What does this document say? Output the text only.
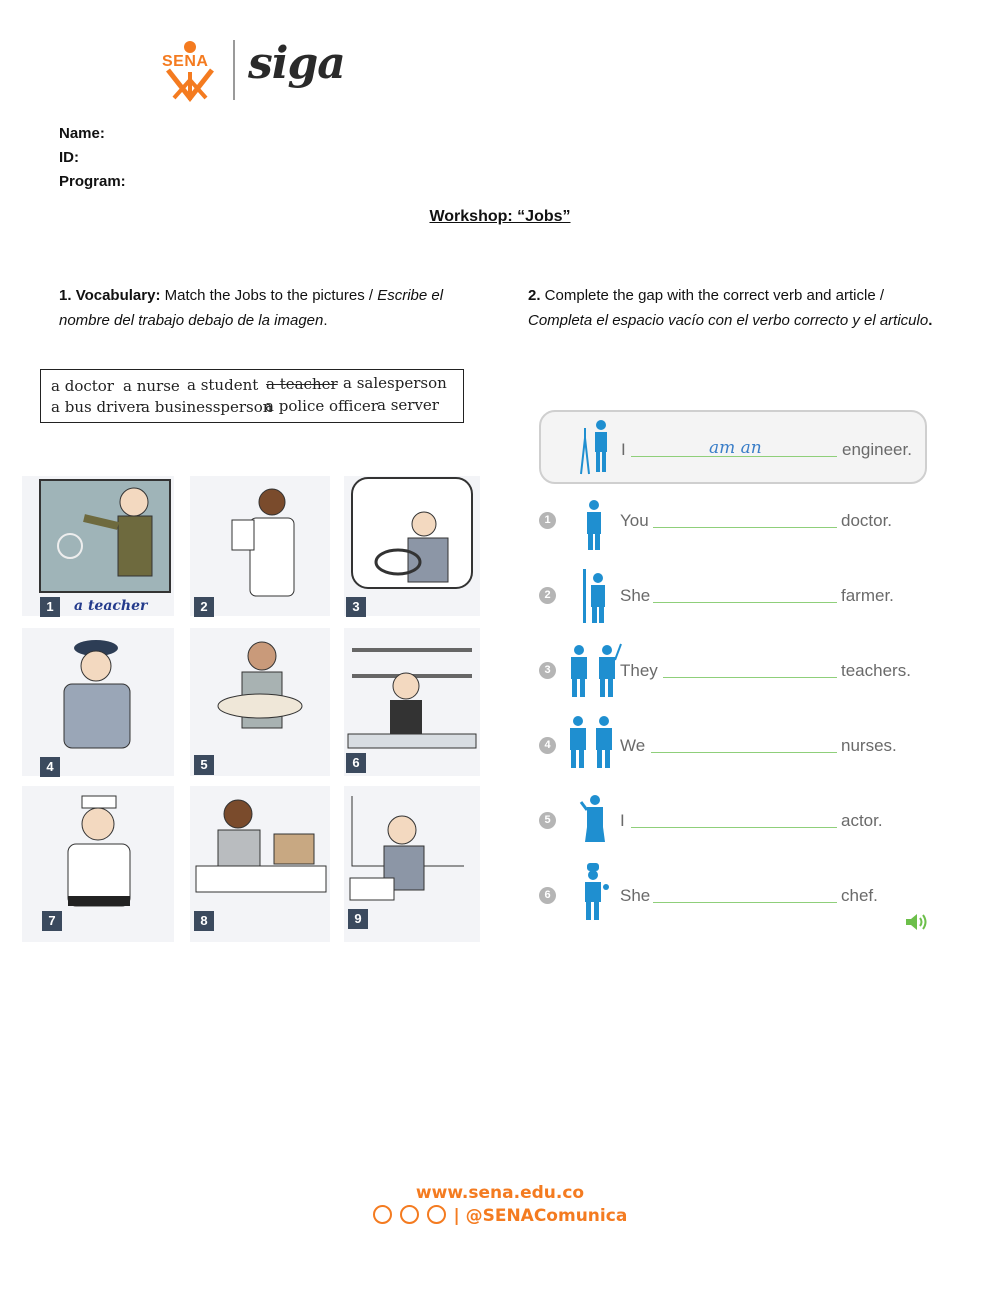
SENA siga
Name:
ID:
Program:
Workshop: “Jobs”
1. Vocabulary: Match the Jobs to the pictures / Escribe el nombre del trabajo debajo de la imagen.
2. Complete the gap with the correct verb and article / Completa el espacio vacío con el verbo correcto y el articulo.
a doctor a nurse a student a teacher a salesperson
a bus driver
a businessperson
a police officer a server
1	a teacher	2	3
4	5	6
7	8	9
I	am an	engineer.
1	You	doctor.
2	She	farmer.
3	They	teachers.
4	We	nurses.
5	I	actor.
6	She	chef.
www.sena.edu.co
| @SENAComunica
